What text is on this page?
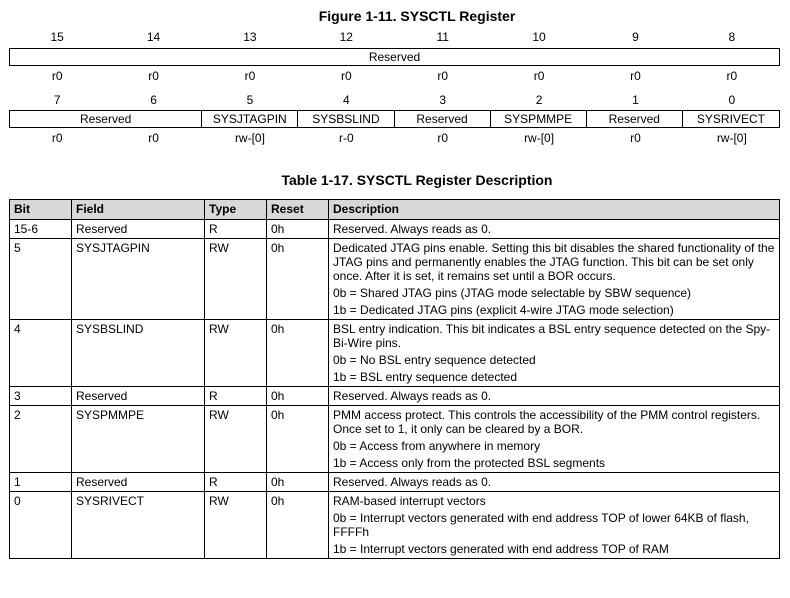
Figure 1-11. SYSCTL Register
15	14	13	12	11	10	9	8
Reserved
r0	r0	r0	r0	r0	r0	r0	r0
7	6	5	4	3	2	1	0
Reserved	SYSJTAGPIN	SYSBSLIND	Reserved	SYSPMMPE	Reserved	SYSRIVECT
r0	r0	rw-[0]	r-0	r0	rw-[0]	r0	rw-[0]
Table 1-17. SYSCTL Register Description
Bit	Field	Type	Reset	Description
15-6	Reserved	R	0h	Reserved. Always reads as 0.

5	SYSJTAGPIN	RW	0h	Dedicated JTAG pins enable. Setting this bit disables the shared functionality of the JTAG pins and permanently enables the JTAG function. This bit can be set only once. After it is set, it remains set until a BOR occurs.

0b = Shared JTAG pins (JTAG mode selectable by SBW sequence)

1b = Dedicated JTAG pins (explicit 4-wire JTAG mode selection)

4	SYSBSLIND	RW	0h	BSL entry indication. This bit indicates a BSL entry sequence detected on the Spy-Bi-Wire pins.

0b = No BSL entry sequence detected

1b = BSL entry sequence detected

3	Reserved	R	0h	Reserved. Always reads as 0.

2	SYSPMMPE	RW	0h	PMM access protect. This controls the accessibility of the PMM control registers. Once set to 1, it only can be cleared by a BOR.

0b = Access from anywhere in memory

1b = Access only from the protected BSL segments

1	Reserved	R	0h	Reserved. Always reads as 0.

0	SYSRIVECT	RW	0h	RAM-based interrupt vectors

0b = Interrupt vectors generated with end address TOP of lower 64KB of flash, FFFFh

1b = Interrupt vectors generated with end address TOP of RAM
